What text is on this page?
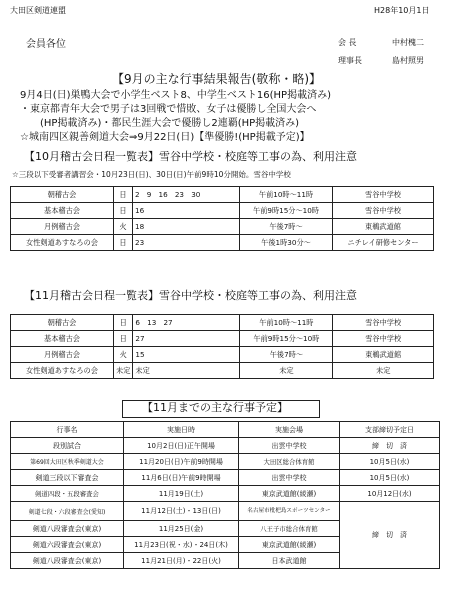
大田区剣道連盟	H28年10月1日
会員各位	会 長	中村槐二
理事長	島村照男
【9月の主な行事結果報告(敬称・略)】
9月4日(日)巣鴨大会で小学生ベスト8、中学生ベスト16(HP掲載済み)
・東京都青年大会で男子は3回戦で惜敗、女子は優勝し全国大会へ
(HP掲載済み)・都民生涯大会で優勝し2連覇(HP掲載済み)
☆城南四区親善剣道大会⇒9月22日(日)【準優勝!(HP掲載予定)】
【10月稽古会日程一覧表】雪谷中学校・校庭等工事の為、利用注意
☆三段以下受審者講習会・10月23日(日)、30日(日)午前9時10分開始。雪谷中学校
朝稽古会	日	2　9　16　23　30	午前10時～11時	雪谷中学校
基本稽古会	日	16	午前9時15分～10時	雪谷中学校
月例稽古会	火	18	午後7時～	東鵜武道館
女性剣道あすなろの会	日	23	午後1時30分～	ニチレイ研修センター
【11月稽古会日程一覧表】雪谷中学校・校庭等工事の為、利用注意
朝稽古会	日	6　13　27	午前10時～11時	雪谷中学校
基本稽古会	日	27	午前9時15分～10時	雪谷中学校
月例稽古会	火	15	午後7時～	東鵜武道館
女性剣道あすなろの会	未定	未定	未定	未定
【11月までの主な行事予定】
行事名	実施日時	実施会場	支部締切予定日
段別試合	10月2日(日)正午開場	出雲中学校	締　切　済
第69回大田区秋季剣道大会	11月20日(日)午前9時開場	大田区総合体育館	10月5日(水)
剣道三段以下審査会	11月6日(日)午前9時開場	出雲中学校	10月5日(水)
剣道四段・五段審査会	11月19日(土)	東京武道館(綾瀬)	10月12日(水)
剣道七段・六段審査会(愛知)	11月12日(土)・13日(日)	名古屋市枇杷島スポーツセンター	締　切　済
剣道八段審査会(東京)	11月25日(金)	八王子市総合体育館	
剣道六段審査会(東京)	11月23日(祝・水)・24日(木)	東京武道館(綾瀬)	
剣道八段審査会(東京)	11月21日(月)・22日(火)	日本武道館	
